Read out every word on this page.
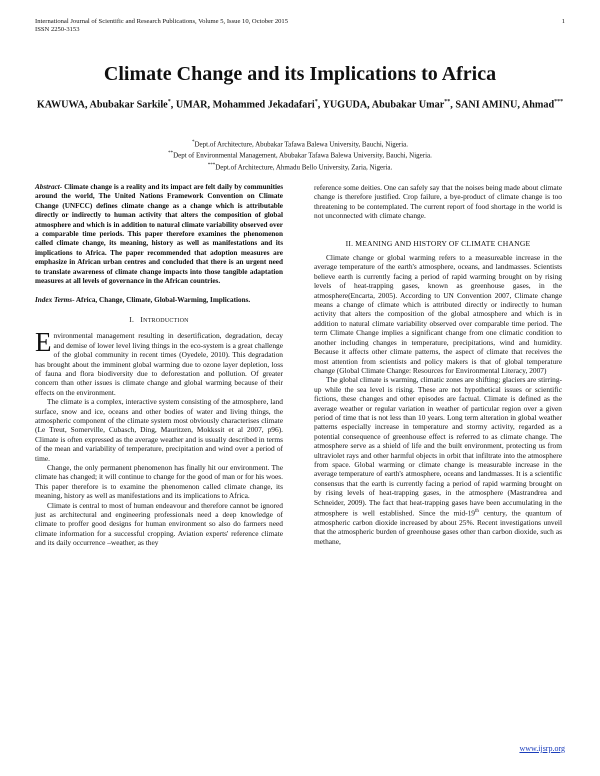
International Journal of Scientific and Research Publications, Volume 5, Issue 10, October 2015
ISSN 2250-3153
1
Climate Change and its Implications to Africa
KAWUWA, Abubakar Sarkile*, UMAR, Mohammed Jekadafari*, YUGUDA, Abubakar Umar**, SANI AMINU, Ahmad***
*Dept.of Architecture, Abubakar Tafawa Balewa University, Bauchi, Nigeria.
**Dept of Environmental Management, Abubakar Tafawa Balewa University, Bauchi, Nigeria.
***Dept.of Architecture, Ahmadu Bello University, Zaria, Nigeria.

Abstract- Climate change is a reality and its impact are felt daily by communities around the world, The United Nations Framework Convention on Climate Change (UNFCC) defines climate change as a change which is attributable directly or indirectly to human activity that alters the composition of global atmosphere and which is in addition to natural climate variability observed over a comparable time periods. This paper therefore examines the phenomenon called climate change, its meaning, history as well as manifestations and its implications to Africa. The paper recommended that adoption measures are emphasize in African urban centres and concluded that there is an urgent need to translate awareness of climate change impacts into those tangible adaptation measures at all levels of governance in the African countries.

Index Terms- Africa, Change, Climate, Global-Warming, Implications.

I. INTRODUCTION

Environmental management resulting in desertification, degradation, decay and demise of lower level living things in the eco-system is a great challenge of the global community in recent times (Oyedele, 2010). This degradation has brought about the imminent global warming due to ozone layer depletion, loss of fauna and flora biodiversity due to deforestation and pollution. Of greater concern than other issues is climate change and global warming because of their effects on the environment.

The climate is a complex, interactive system consisting of the atmosphere, land surface, snow and ice, oceans and other bodies of water and living things, the atmospheric component of the climate system most obviously characterises climate (Le Treut, Somerville, Cubasch, Ding, Mauritzen, Mokkssit et al 2007, p96). Climate is often expressed as the average weather and is usually described in terms of the mean and variability of temperature, precipitation and wind over a period of time.

Change, the only permanent phenomenon has finally hit our environment. The climate has changed; it will continue to change for the good of man or for his woes. This paper therefore is to examine the phenomenon called climate change, its meaning, history as well as manifestations and its implications to Africa.

Climate is central to most of human endeavour and therefore cannot be ignored just as architectural and engineering professionals need a deep knowledge of climate to proffer good designs for human environment so also do farmers need climate information for a successful cropping. Aviation experts' reference climate and its daily occurrence –weather, as they

reference some deities. One can safely say that the noises being made about climate change is therefore justified. Crop failure, a bye-product of climate change is too threatening to be contemplated. The current report of food shortage in the world is not unconnected with climate change.

II. MEANING AND HISTORY OF CLIMATE CHANGE

Climate change or global warming refers to a measureable increase in the average temperature of the earth's atmosphere, oceans, and landmasses. Scientists believe earth is currently facing a period of rapid warming brought on by rising levels of heat-trapping gases, known as greenhouse gases, in the atmosphere(Encarta, 2005). According to UN Convention 2007, Climate change means a change of climate which is attributed directly or indirectly to human activity that alters the composition of the global atmosphere and which is in addition to natural climate variability observed over comparable time period. The term Climate Change implies a significant change from one climatic condition to another including changes in temperature, precipitations, wind and humidity. Because it affects other climate patterns, the aspect of climate that receives the most attention from scientists and policy makers is that of global temperature change (Global Climate Change: Resources for Environmental Literacy, 2007)

The global climate is warming, climatic zones are shifting; glaciers are stirring-up while the sea level is rising. These are not hypothetical issues or scientific fictions, these changes and other episodes are factual. Climate is defined as the average weather or regular variation in weather of particular region over a given period of time that is not less than 10 years. Long term alteration in global weather patterns especially increase in temperature and stormy activity, regarded as a potential consequence of greenhouse effect is referred to as climate change. The atmosphere serve as a shield of life and the built environment, protecting us from ultraviolet rays and other harmful objects in orbit that infiltrate into the atmosphere from space. Global warming or climate change is measurable increase in the average temperature of earth's atmosphere, oceans and landmasses. It is a scientific consensus that the earth is currently facing a period of rapid warming brought on by rising levels of heat-trapping gases, in the atmosphere (Mastrandrea and Schneider, 2009). The fact that heat-trapping gases have been accumulating in the atmosphere is well established. Since the mid-19th century, the quantum of atmospheric carbon dioxide increased by about 25%. Recent investigations unveil that the atmospheric burden of greenhouse gases other than carbon dioxide, such as methane,

www.ijsrp.org
